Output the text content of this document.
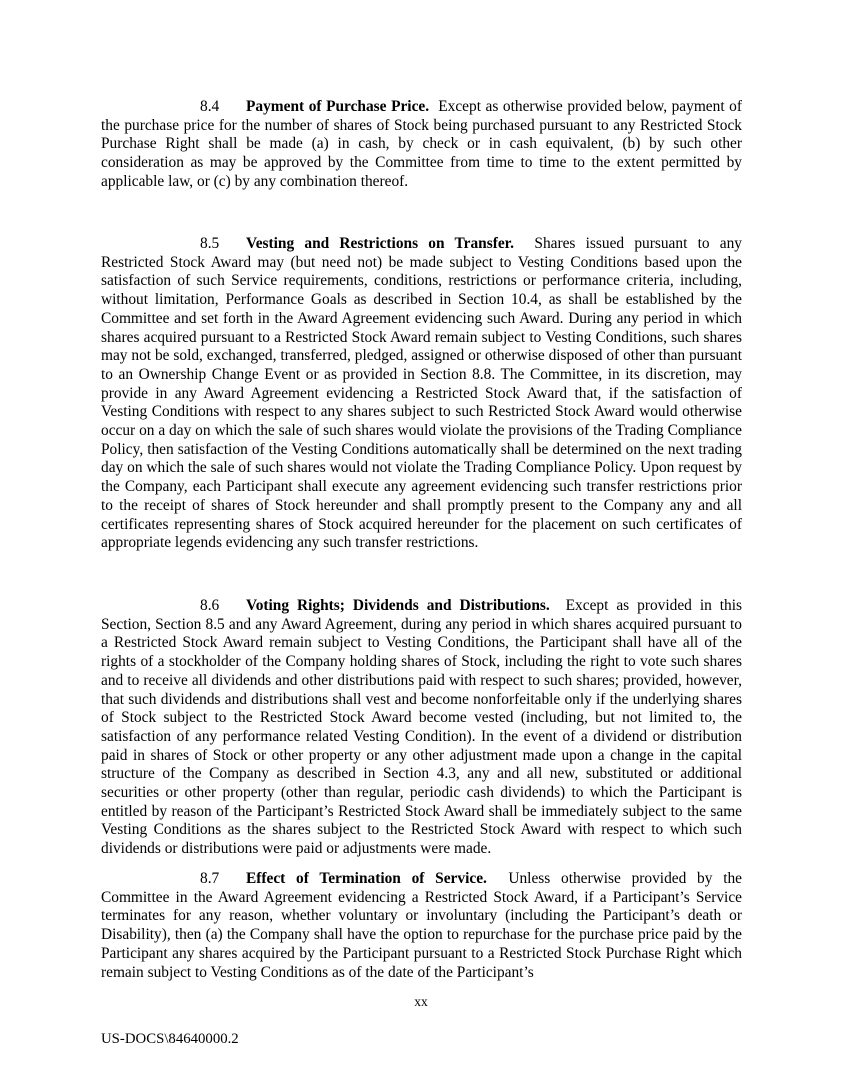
8.4 Payment of Purchase Price. Except as otherwise provided below, payment of the purchase price for the number of shares of Stock being purchased pursuant to any Restricted Stock Purchase Right shall be made (a) in cash, by check or in cash equivalent, (b) by such other consideration as may be approved by the Committee from time to time to the extent permitted by applicable law, or (c) by any combination thereof.

8.5 Vesting and Restrictions on Transfer. Shares issued pursuant to any Restricted Stock Award may (but need not) be made subject to Vesting Conditions based upon the satisfaction of such Service requirements, conditions, restrictions or performance criteria, including, without limitation, Performance Goals as described in Section 10.4, as shall be established by the Committee and set forth in the Award Agreement evidencing such Award. During any period in which shares acquired pursuant to a Restricted Stock Award remain subject to Vesting Conditions, such shares may not be sold, exchanged, transferred, pledged, assigned or otherwise disposed of other than pursuant to an Ownership Change Event or as provided in Section 8.8. The Committee, in its discretion, may provide in any Award Agreement evidencing a Restricted Stock Award that, if the satisfaction of Vesting Conditions with respect to any shares subject to such Restricted Stock Award would otherwise occur on a day on which the sale of such shares would violate the provisions of the Trading Compliance Policy, then satisfaction of the Vesting Conditions automatically shall be determined on the next trading day on which the sale of such shares would not violate the Trading Compliance Policy. Upon request by the Company, each Participant shall execute any agreement evidencing such transfer restrictions prior to the receipt of shares of Stock hereunder and shall promptly present to the Company any and all certificates representing shares of Stock acquired hereunder for the placement on such certificates of appropriate legends evidencing any such transfer restrictions.

8.6 Voting Rights; Dividends and Distributions. Except as provided in this Section, Section 8.5 and any Award Agreement, during any period in which shares acquired pursuant to a Restricted Stock Award remain subject to Vesting Conditions, the Participant shall have all of the rights of a stockholder of the Company holding shares of Stock, including the right to vote such shares and to receive all dividends and other distributions paid with respect to such shares; provided, however, that such dividends and distributions shall vest and become nonforfeitable only if the underlying shares of Stock subject to the Restricted Stock Award become vested (including, but not limited to, the satisfaction of any performance related Vesting Condition). In the event of a dividend or distribution paid in shares of Stock or other property or any other adjustment made upon a change in the capital structure of the Company as described in Section 4.3, any and all new, substituted or additional securities or other property (other than regular, periodic cash dividends) to which the Participant is entitled by reason of the Participant’s Restricted Stock Award shall be immediately subject to the same Vesting Conditions as the shares subject to the Restricted Stock Award with respect to which such dividends or distributions were paid or adjustments were made.

8.7 Effect of Termination of Service. Unless otherwise provided by the Committee in the Award Agreement evidencing a Restricted Stock Award, if a Participant’s Service terminates for any reason, whether voluntary or involuntary (including the Participant’s death or Disability), then (a) the Company shall have the option to repurchase for the purchase price paid by the Participant any shares acquired by the Participant pursuant to a Restricted Stock Purchase Right which remain subject to Vesting Conditions as of the date of the Participant’s

xx
US-DOCS\84640000.2
